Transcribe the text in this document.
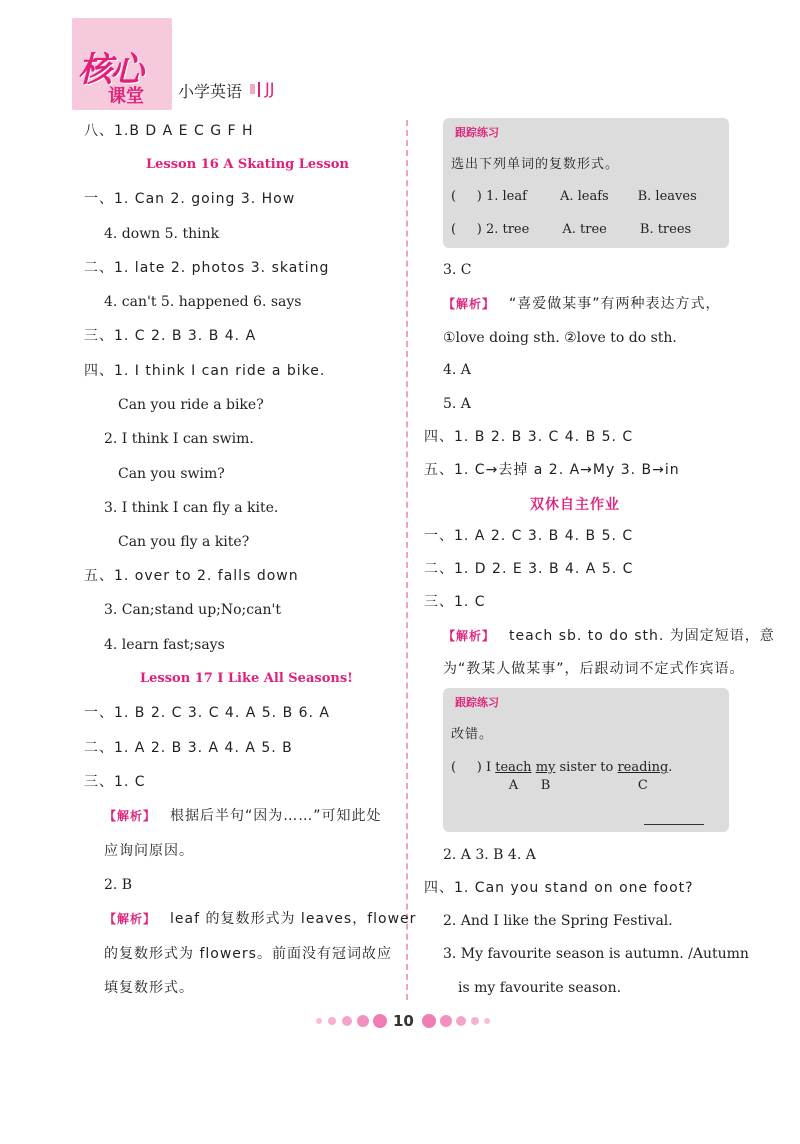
核心
课堂 小学英语 JJ
八、1.B D A E C G F H
Lesson 16 A Skating Lesson
一、1. Can 2. going 3. How
4. down 5. think
二、1. late 2. photos 3. skating
4. can't 5. happened 6. says
三、1. C 2. B 3. B 4. A
四、1. I think I can ride a bike.
Can you ride a bike?
2. I think I can swim.
Can you swim?
3. I think I can fly a kite.
Can you fly a kite?
五、1. over to 2. falls down
3. Can;stand up;No;can't
4. learn fast;says
Lesson 17 I Like All Seasons!
一、1. B 2. C 3. C 4. A 5. B 6. A
二、1. A 2. B 3. A 4. A 5. B
三、1. C
【解析】 根据后半句“因为……”可知此处
应询问原因。
2. B
【解析】 leaf 的复数形式为 leaves，flower
的复数形式为 flowers。前面没有冠词故应
填复数形式。
跟踪练习
选出下列单词的复数形式。
(     ) 1. leaf        A. leafs       B. leaves
(     ) 2. tree        A. tree        B. trees
3. C
【解析】 “喜爱做某事”有两种表达方式，
①love doing sth. ②love to do sth.
4. A
5. A
四、1. B 2. B 3. C 4. B 5. C
五、1. C→去掉 a 2. A→My 3. B→in
双休自主作业
一、1. A 2. C 3. B 4. B 5. C
二、1. D 2. E 3. B 4. A 5. C
三、1. C
【解析】 teach sb. to do sth. 为固定短语，意
为“教某人做某事”，后跟动词不定式作宾语。
跟踪练习
改错。
(     ) I teach
A
my
B
sister to reading
C
.
2. A 3. B 4. A
四、1. Can you stand on one foot?
2. And I like the Spring Festival.
3. My favourite season is autumn. /Autumn
is my favourite season.
10
